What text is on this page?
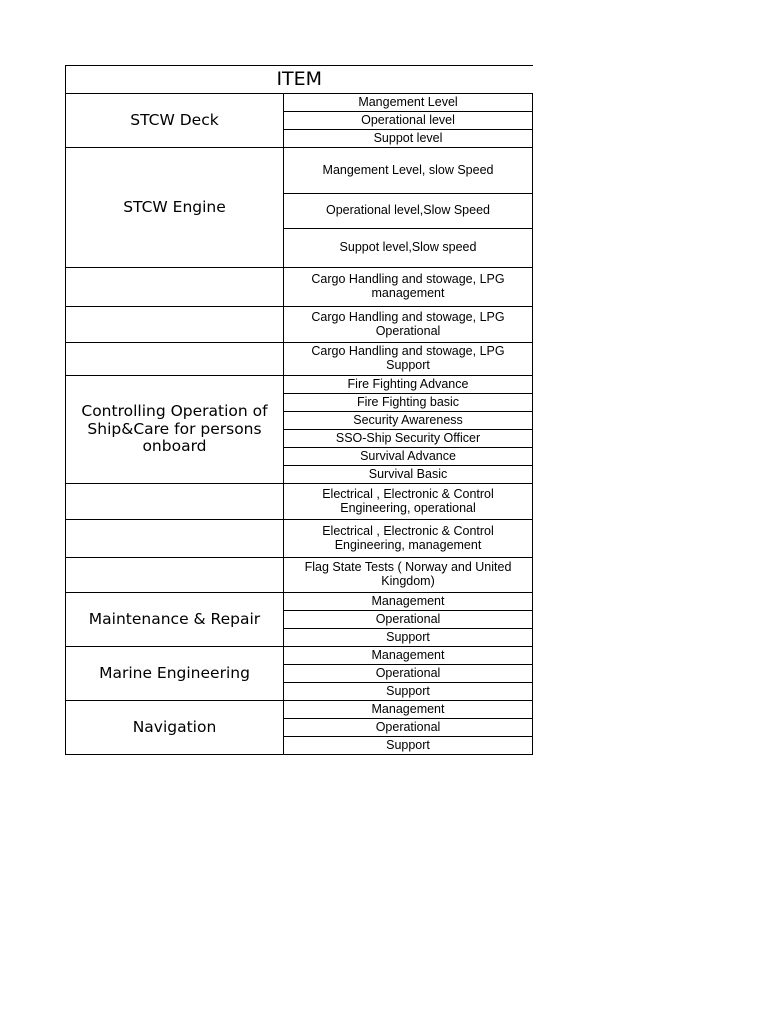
ITEM	
STCW Deck	Mangement Level
	Operational level
	Suppot level
STCW Engine	Mangement Level, slow Speed
	Operational level,Slow Speed
	Suppot level,Slow speed
	Cargo Handling and stowage, LPG management
	Cargo Handling and stowage, LPG Operational
	Cargo Handling and stowage, LPG Support
Controlling Operation of Ship&Care for persons onboard	Fire Fighting Advance
	Fire Fighting basic
	Security Awareness
	SSO-Ship Security Officer
	Survival Advance
	Survival Basic
	Electrical , Electronic & Control Engineering, operational
	Electrical , Electronic & Control Engineering, management
	Flag State Tests ( Norway and United Kingdom)
Maintenance & Repair	Management
	Operational
	Support
Marine Engineering	Management
	Operational
	Support
Navigation	Management
	Operational
	Support
